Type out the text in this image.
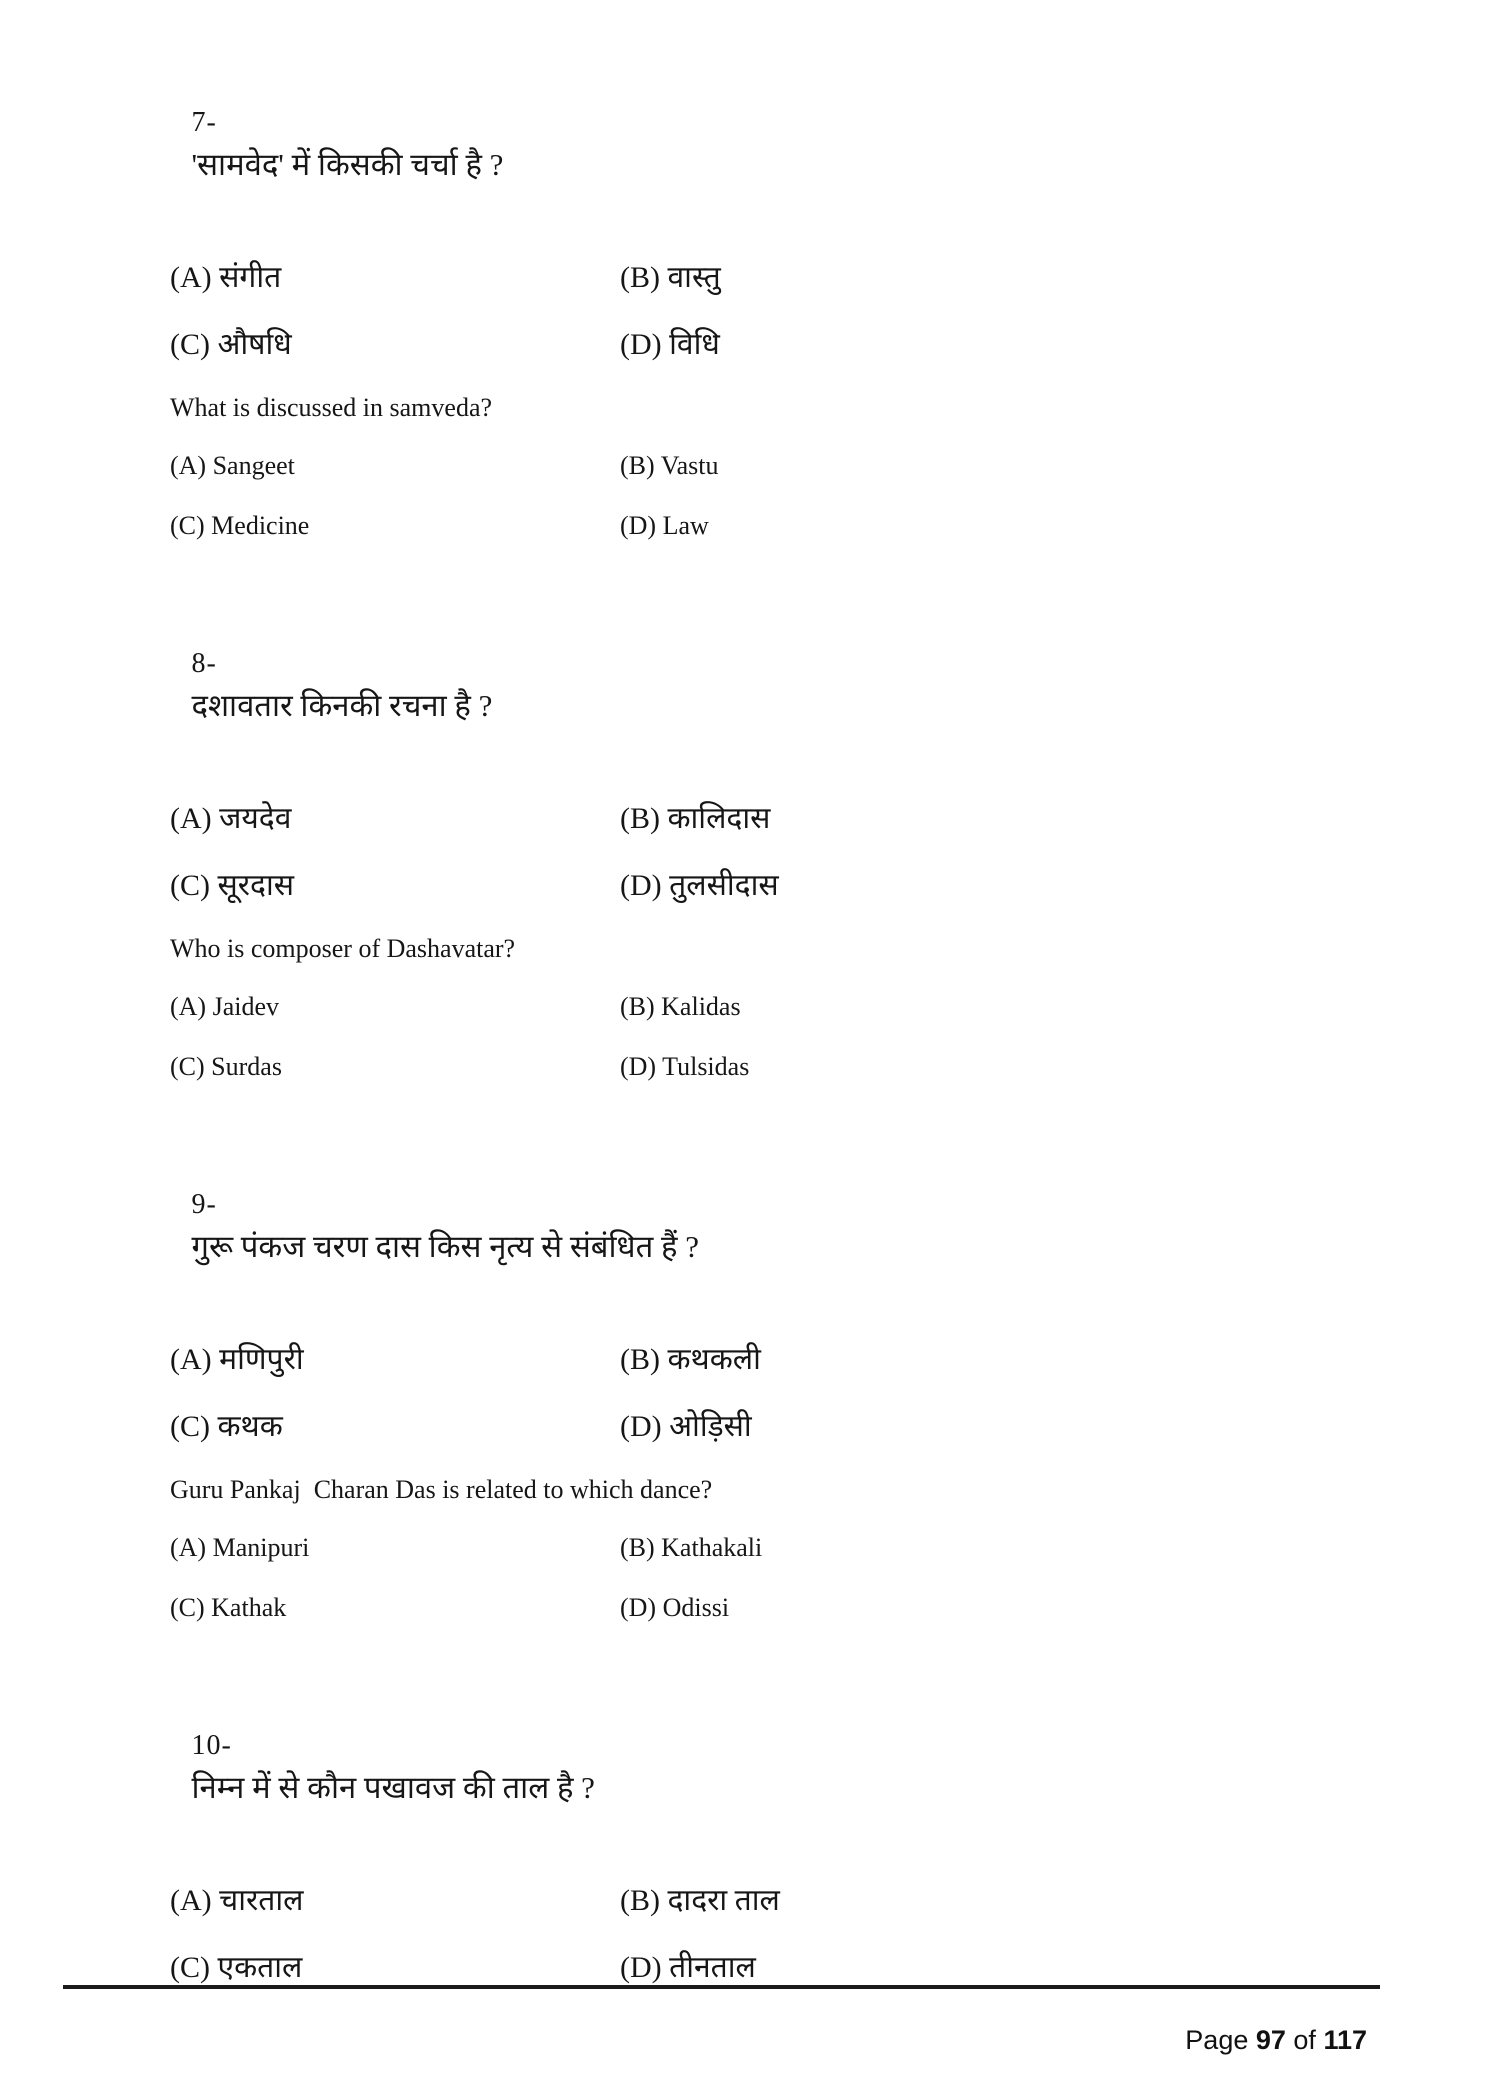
7-
'सामवेद' में किसकी चर्चा है ?

(A) संगीत	(B) वास्तु
(C) औषधि	(D) विधि
What is discussed in samveda?
(A) Sangeet	(B) Vastu
(C) Medicine	(D) Law

8-
दशावतार किनकी रचना है ?

(A) जयदेव	(B) कालिदास
(C) सूरदास	(D) तुलसीदास
Who is composer of Dashavatar?
(A) Jaidev	(B) Kalidas
(C) Surdas	(D) Tulsidas

9-
गुरू पंकज चरण दास किस नृत्य से संबंधित हैं ?

(A) मणिपुरी	(B) कथकली
(C) कथक	(D) ओड़िसी
Guru Pankaj  Charan Das is related to which dance?
(A) Manipuri	(B) Kathakali
(C) Kathak	(D) Odissi

10-
निम्न में से कौन पखावज की ताल है ?

(A) चारताल	(B) दादरा ताल
(C) एकताल	(D) तीनताल

Page 97 of 117
